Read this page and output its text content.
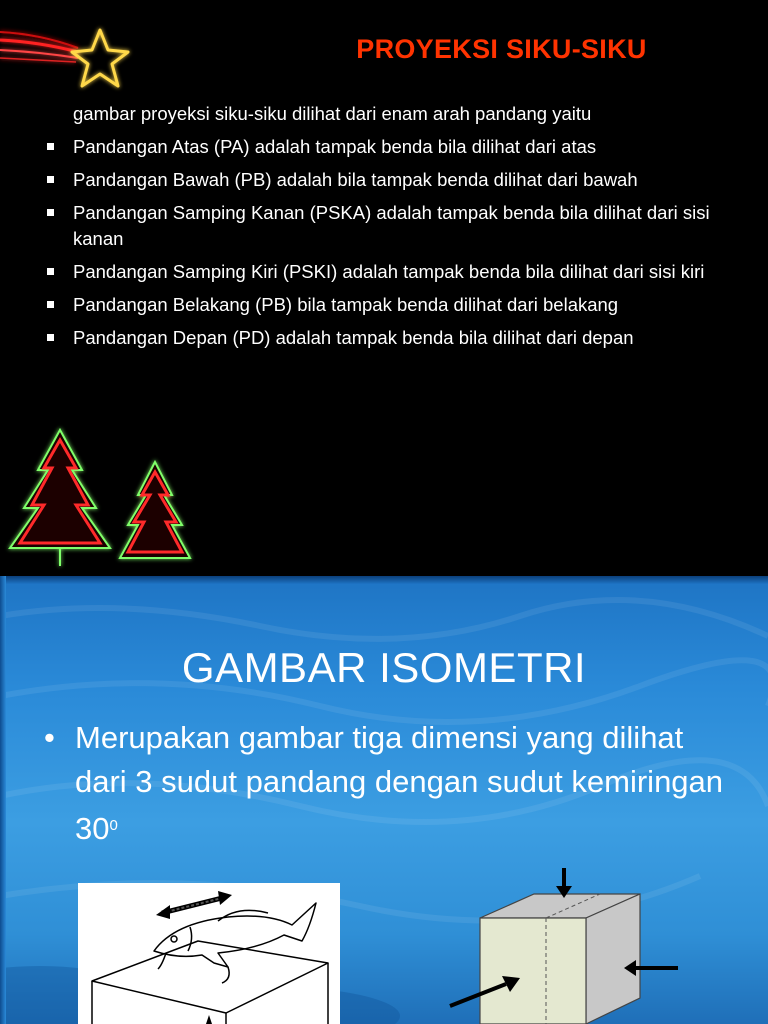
PROYEKSI SIKU-SIKU
gambar proyeksi siku-siku dilihat dari enam arah pandang yaitu
Pandangan Atas (PA) adalah tampak benda bila dilihat dari atas
Pandangan Bawah (PB) adalah bila tampak benda dilihat dari bawah
Pandangan Samping Kanan (PSKA) adalah tampak benda bila dilihat dari sisi kanan
Pandangan Samping Kiri (PSKI) adalah tampak benda bila dilihat dari sisi kiri
Pandangan Belakang (PB) bila tampak benda dilihat dari belakang
Pandangan Depan (PD) adalah tampak benda bila dilihat dari depan
GAMBAR ISOMETRI
• Merupakan gambar tiga dimensi yang dilihat dari 3 sudut pandang dengan sudut kemiringan $30^0$
